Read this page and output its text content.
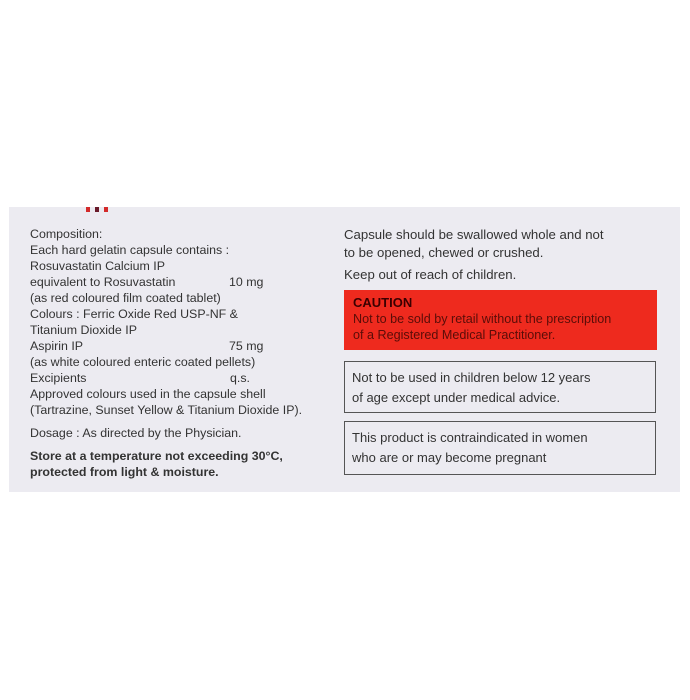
Composition:
Each hard gelatin capsule contains :
Rosuvastatin Calcium IP
equivalent to Rosuvastatin	10 mg
(as red coloured film coated tablet)
Colours : Ferric Oxide Red USP-NF &
Titanium Dioxide IP
Aspirin IP	75 mg
(as white coloured enteric coated pellets)
Excipients	q.s.
Approved colours used in the capsule shell
(Tartrazine, Sunset Yellow & Titanium Dioxide IP).
Dosage : As directed by the Physician.
Store at a temperature not exceeding 30°C,
protected from light & moisture.
Capsule should be swallowed whole and not
to be opened, chewed or crushed.
Keep out of reach of children.
CAUTION
Not to be sold by retail without the prescription
of a Registered Medical Practitioner.
Not to be used in children below 12 years
of age except under medical advice.
This product is contraindicated in women
who are or may become pregnant
